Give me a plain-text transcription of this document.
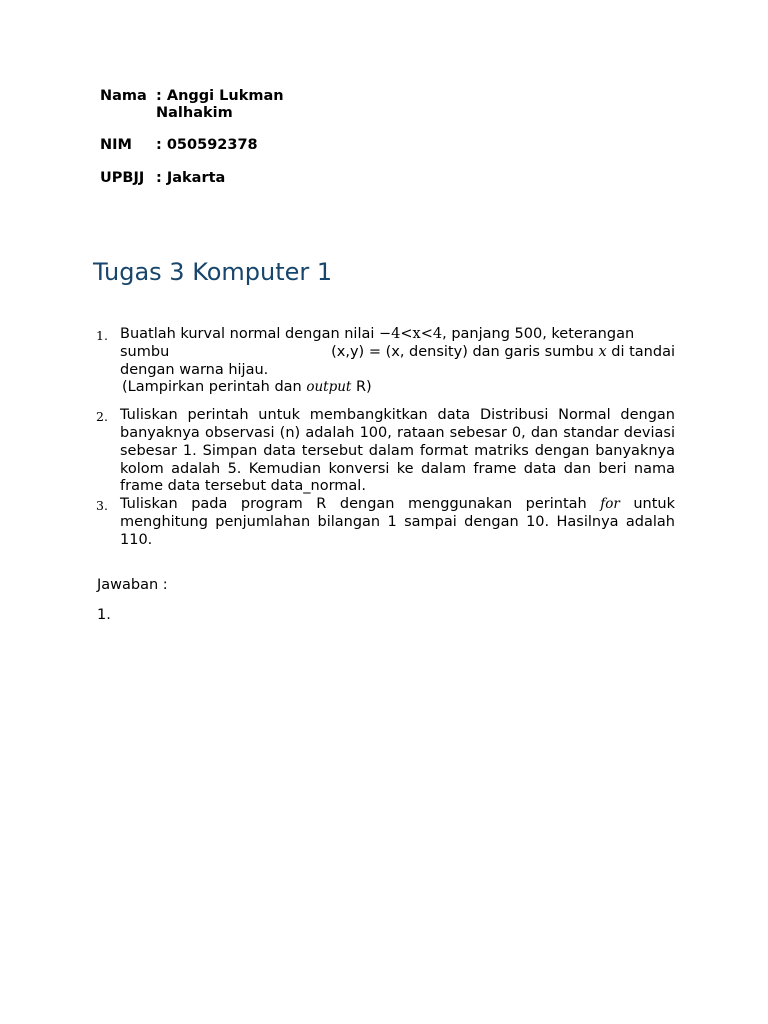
Nama	: Anggi Lukman Nalhakim

NIM	: 050592378

UPBJJ	: Jakarta
Tugas 3 Komputer 1
1. Buatlah kurval normal dengan nilai −4<x<4, panjang 500, keterangan

sumbu	(x,y) = (x, density) dan garis sumbu x di tandai

dengan warna hijau.

(Lampirkan perintah dan output R)

2. Tuliskan perintah untuk membangkitkan data Distribusi Normal dengan banyaknya observasi (n) adalah 100, rataan sebesar 0, dan standar deviasi sebesar 1. Simpan data tersebut dalam format matriks dengan banyaknya kolom adalah 5. Kemudian konversi ke dalam frame data dan beri nama frame data tersebut data_normal.

3. Tuliskan pada program R dengan menggunakan perintah for untuk menghitung penjumlahan bilangan 1 sampai dengan 10. Hasilnya adalah 110.

Jawaban :
1.
